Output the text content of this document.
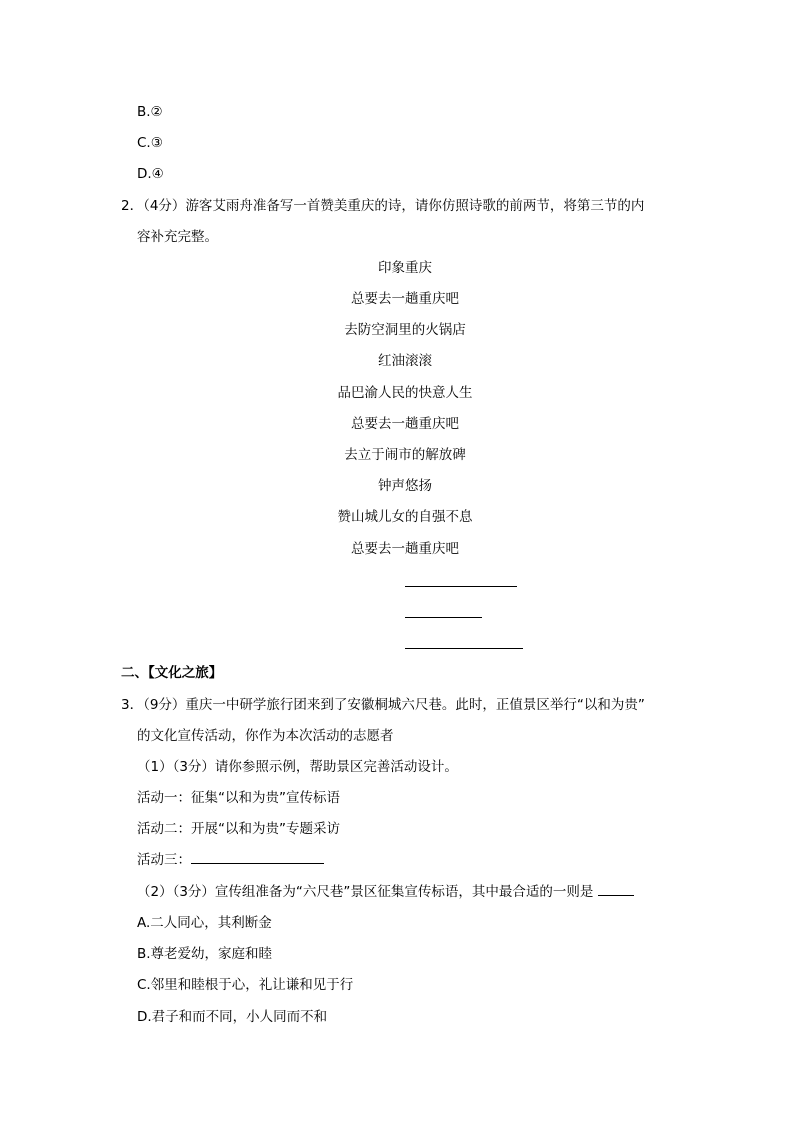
B.②
C.③
D.④
2．（4分）游客艾雨舟准备写一首赞美重庆的诗，请你仿照诗歌的前两节，将第三节的内
容补充完整。
印象重庆
总要去一趟重庆吧
去防空洞里的火锅店
红油滚滚
品巴渝人民的快意人生
总要去一趟重庆吧
去立于闹市的解放碑
钟声悠扬
赞山城儿女的自强不息
总要去一趟重庆吧
二、【文化之旅】
3．（9分）重庆一中研学旅行团来到了安徽桐城六尺巷。此时，正值景区举行“以和为贵”
的文化宣传活动，你作为本次活动的志愿者
（1）（3分）请你参照示例，帮助景区完善活动设计。
活动一：征集“以和为贵”宣传标语
活动二：开展“以和为贵”专题采访
活动三：
（2）（3分）宣传组准备为“六尺巷”景区征集宣传标语，其中最合适的一则是
A.二人同心，其利断金
B.尊老爱幼，家庭和睦
C.邻里和睦根于心，礼让谦和见于行
D.君子和而不同，小人同而不和
